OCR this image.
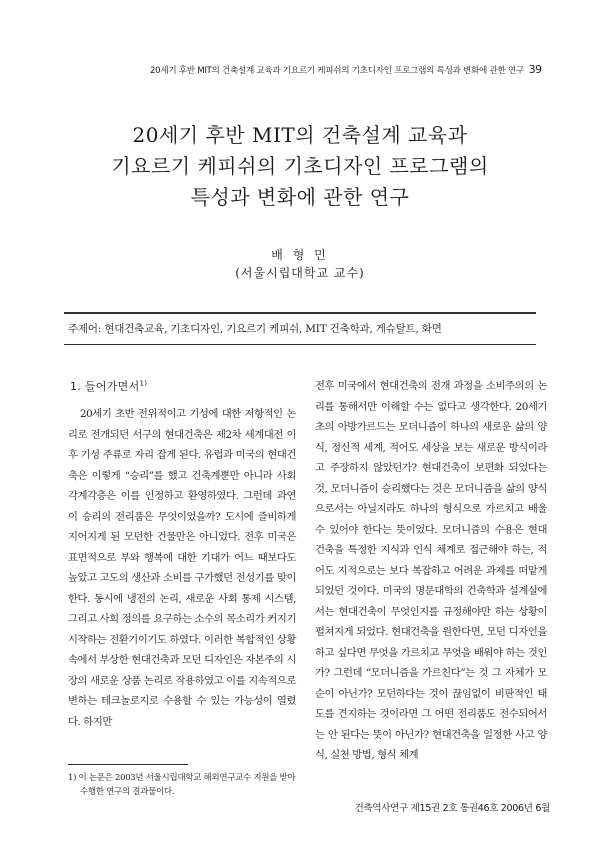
20세기 후반 MIT의 건축설계 교육과 기요르기 케피쉬의 기초디자인 프로그램의 특성과 변화에 관한 연구 39
20세기 후반 MIT의 건축설계 교육과
기요르기 케피쉬의 기초디자인 프로그램의
특성과 변화에 관한 연구
배 형 민
(서울시립대학교 교수)
주제어: 현대건축교육, 기초디자인, 기요르기 케피쉬, MIT 건축학과, 게슈탈트, 화면
1. 들어가면서$^{1)}$

20세기 초반 전위적이고 기성에 대한 저항적인 논리로 전개되던 서구의 현대건축은 제2차 세계대전 이후 기성 주류로 자리 잡게 된다. 유럽과 미국의 현대건축은 이렇게 “승리”를 했고 건축계뿐만 아니라 사회 각계각층은 이를 인정하고 환영하였다. 그런데 과연 이 승리의 전리품은 무엇이었을까? 도시에 즐비하게 지어지게 된 모던한 건물만은 아니었다. 전후 미국은 표면적으로 부와 행복에 대한 기대가 어느 때보다도 높았고 고도의 생산과 소비를 구가했던 전성기를 맞이한다. 동시에 냉전의 논리, 새로운 사회 통제 시스템, 그리고 사회 정의를 요구하는 소수의 목소리가 커지기 시작하는 전환기이기도 하였다. 이러한 복합적인 상황 속에서 부상한 현대건축과 모던 디자인은 자본주의 시장의 새로운 상품 논리로 작용하였고 이를 지속적으로 변하는 테크놀로지로 수용할 수 있는 가능성이 열렸다. 하지만

전후 미국에서 현대건축의 전개 과정을 소비주의의 논리를 통해서만 이해할 수는 없다고 생각한다. 20세기 초의 아방가르드는 모더니즘이 하나의 새로운 삶의 양식, 정신적 세계, 적어도 세상을 보는 새로운 방식이라고 주장하지 않았던가? 현대건축이 보편화 되었다는 것, 모더니즘이 승리했다는 것은 모더니즘을 삶의 양식으로서는 아닐지라도 하나의 형식으로 가르치고 배울 수 있어야 한다는 뜻이었다. 모더니즘의 수용은 현대 건축을 특정한 지식과 인식 체계로 접근해야 하는, 적어도 지적으로는 보다 복잡하고 어려운 과제를 떠맡게 되었던 것이다. 미국의 명문대학의 건축학과 설계실에서는 현대건축이 무엇인지를 규정해야만 하는 상황이 펼쳐지게 되었다. 현대건축을 원한다면, 모던 디자인을 하고 싶다면 무엇을 가르치고 무엇을 배워야 하는 것인가? 그런데 “모더니즘을 가르친다”는 것 그 자체가 모순이 아닌가? 모던하다는 것이 끊임없이 비판적인 태도를 견지하는 것이라면 그 어떤 전리품도 전수되어서는 안 된다는 뜻이 아닌가? 현대건축을 일정한 사고 양식, 실천 방법, 형식 체계

1) 이 논문은 2003년 서울시립대학교 해외연구교수 지원을 받아 수행한 연구의 결과물이다.
건축역사연구 제15권 2호 통권46호 2006년 6월
